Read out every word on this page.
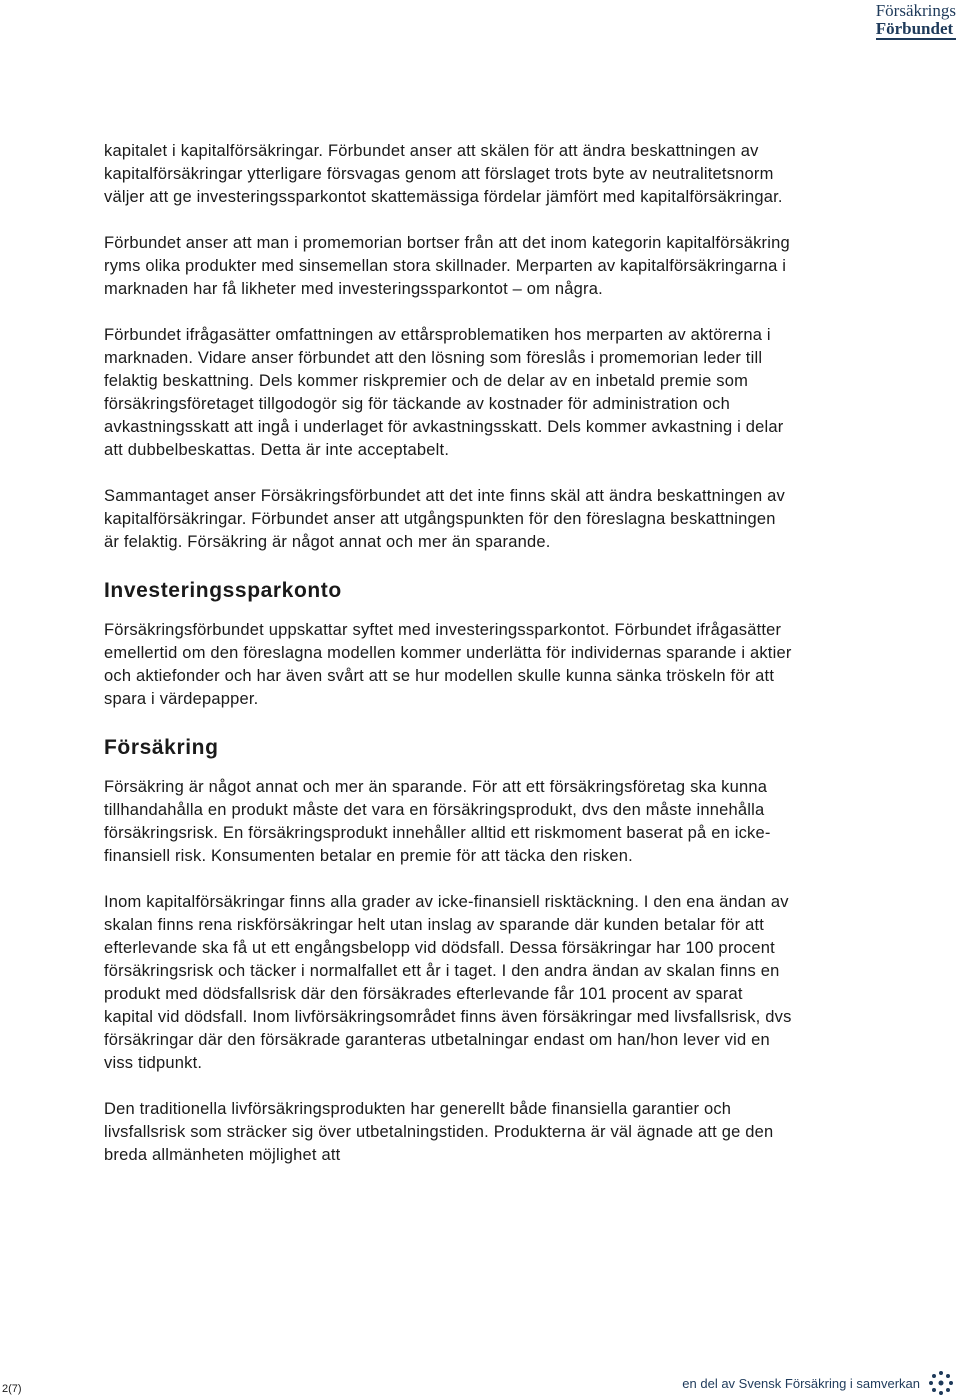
Försäkrings
Förbundet

kapitalet i kapitalförsäkringar. Förbundet anser att skälen för att ändra beskattningen av kapitalförsäkringar ytterligare försvagas genom att förslaget trots byte av neutralitetsnorm väljer att ge investeringssparkontot skattemässiga fördelar jämfört med kapitalförsäkringar.

Förbundet anser att man i promemorian bortser från att det inom kategorin kapitalförsäkring ryms olika produkter med sinsemellan stora skillnader. Merparten av kapitalförsäkringarna i marknaden har få likheter med investeringssparkontot – om några.

Förbundet ifrågasätter omfattningen av ettårsproblematiken hos merparten av aktörerna i marknaden. Vidare anser förbundet att den lösning som föreslås i promemorian leder till felaktig beskattning. Dels kommer riskpremier och de delar av en inbetald premie som försäkringsföretaget tillgodogör sig för täckande av kostnader för administration och avkastningsskatt att ingå i underlaget för avkastningsskatt. Dels kommer avkastning i delar att dubbelbeskattas. Detta är inte acceptabelt.

Sammantaget anser Försäkringsförbundet att det inte finns skäl att ändra beskattningen av kapitalförsäkringar. Förbundet anser att utgångspunkten för den föreslagna beskattningen är felaktig. Försäkring är något annat och mer än sparande.

Investeringssparkonto

Försäkringsförbundet uppskattar syftet med investeringssparkontot. Förbundet ifrågasätter emellertid om den föreslagna modellen kommer underlätta för individernas sparande i aktier och aktiefonder och har även svårt att se hur modellen skulle kunna sänka tröskeln för att spara i värdepapper.

Försäkring

Försäkring är något annat och mer än sparande. För att ett försäkringsföretag ska kunna tillhandahålla en produkt måste det vara en försäkringsprodukt, dvs den måste innehålla försäkringsrisk. En försäkringsprodukt innehåller alltid ett riskmoment baserat på en icke-finansiell risk. Konsumenten betalar en premie för att täcka den risken.

Inom kapitalförsäkringar finns alla grader av icke-finansiell risktäckning. I den ena ändan av skalan finns rena riskförsäkringar helt utan inslag av sparande där kunden betalar för att efterlevande ska få ut ett engångsbelopp vid dödsfall. Dessa försäkringar har 100 procent försäkringsrisk och täcker i normalfallet ett år i taget. I den andra ändan av skalan finns en produkt med dödsfallsrisk där den försäkrades efterlevande får 101 procent av sparat kapital vid dödsfall. Inom livförsäkringsområdet finns även försäkringar med livsfallsrisk, dvs försäkringar där den försäkrade garanteras utbetalningar endast om han/hon lever vid en viss tidpunkt.

Den traditionella livförsäkringsprodukten har generellt både finansiella garantier och livsfallsrisk som sträcker sig över utbetalningstiden. Produkterna är väl ägnade att ge den breda allmänheten möjlighet att

2(7)	en del av Svensk Försäkring i samverkan
